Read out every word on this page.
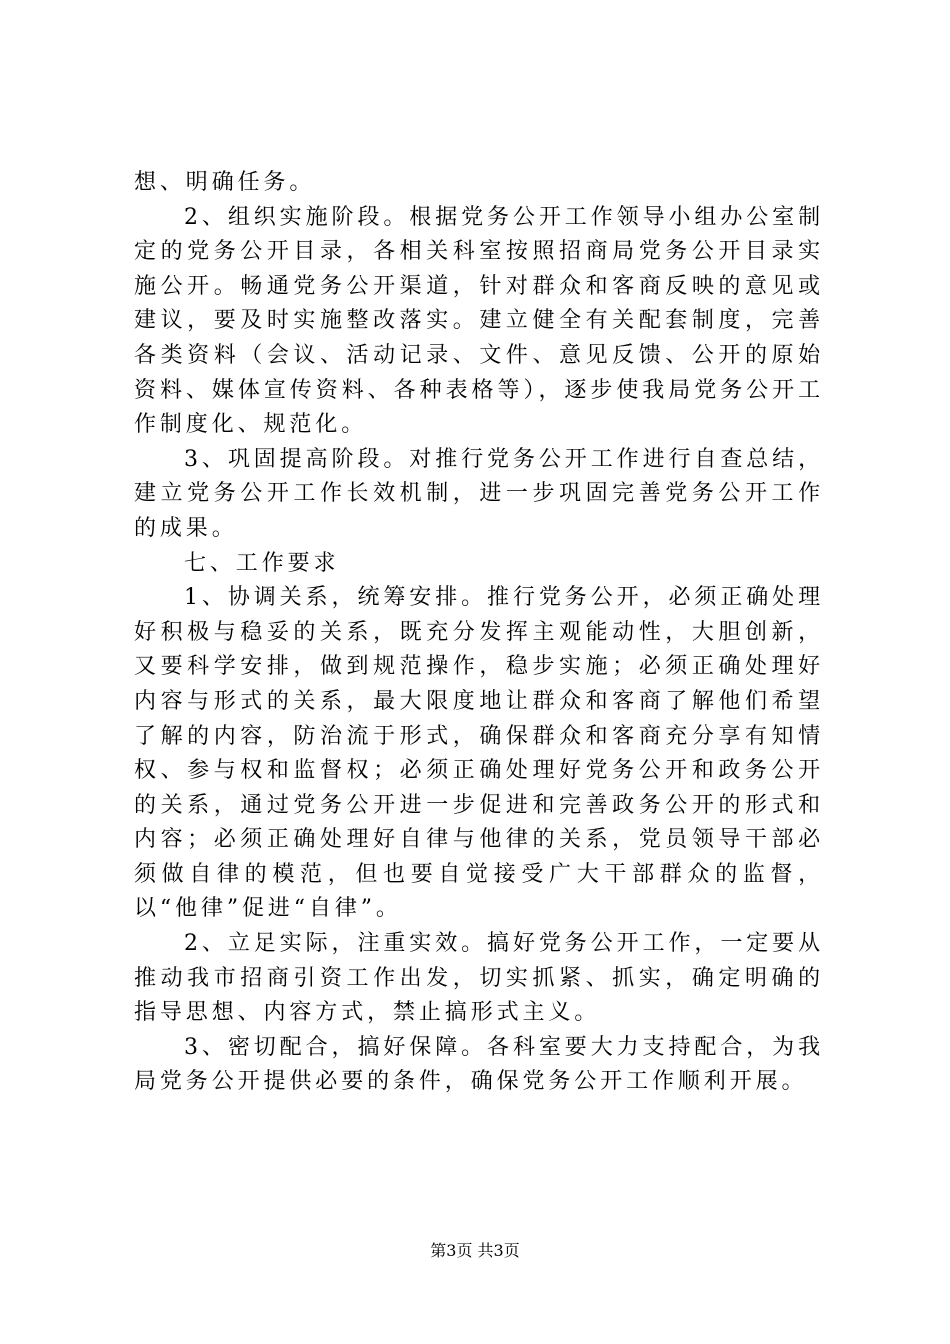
想、明确任务。

2、组织实施阶段。根据党务公开工作领导小组办公室制定的党务公开目录，各相关科室按照招商局党务公开目录实施公开。畅通党务公开渠道，针对群众和客商反映的意见或建议，要及时实施整改落实。建立健全有关配套制度，完善各类资料（会议、活动记录、文件、意见反馈、公开的原始资料、媒体宣传资料、各种表格等），逐步使我局党务公开工作制度化、规范化。

3、巩固提高阶段。对推行党务公开工作进行自查总结，建立党务公开工作长效机制，进一步巩固完善党务公开工作的成果。

七、工作要求

1、协调关系，统筹安排。推行党务公开，必须正确处理好积极与稳妥的关系，既充分发挥主观能动性，大胆创新，又要科学安排，做到规范操作，稳步实施；必须正确处理好内容与形式的关系，最大限度地让群众和客商了解他们希望了解的内容，防治流于形式，确保群众和客商充分享有知情权、参与权和监督权；必须正确处理好党务公开和政务公开的关系，通过党务公开进一步促进和完善政务公开的形式和内容；必须正确处理好自律与他律的关系，党员领导干部必须做自律的模范，但也要自觉接受广大干部群众的监督，以“他律”促进“自律”。

2、立足实际，注重实效。搞好党务公开工作，一定要从推动我市招商引资工作出发，切实抓紧、抓实，确定明确的指导思想、内容方式，禁止搞形式主义。

3、密切配合，搞好保障。各科室要大力支持配合，为我局党务公开提供必要的条件，确保党务公开工作顺利开展。

第3页 共3页
